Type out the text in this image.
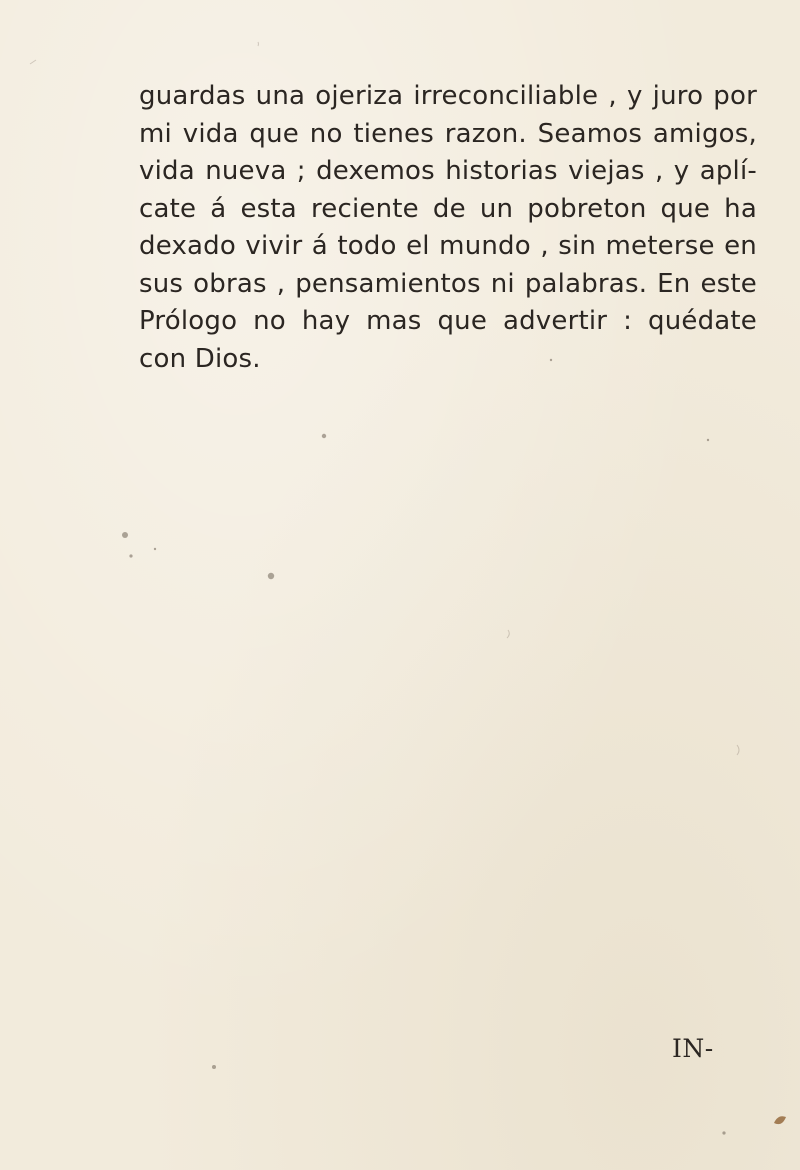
guardas una ojeriza irreconciliable , y juro por
mi vida que no tienes razon. Seamos amigos,
vida nueva ; dexemos historias viejas , y aplí-
cate á esta reciente de un pobreton que ha
dexado vivir á todo el mundo , sin meterse en
sus obras , pensamientos ni palabras. En este
Prólogo no hay mas que advertir : quédate
con Dios.
IN-
